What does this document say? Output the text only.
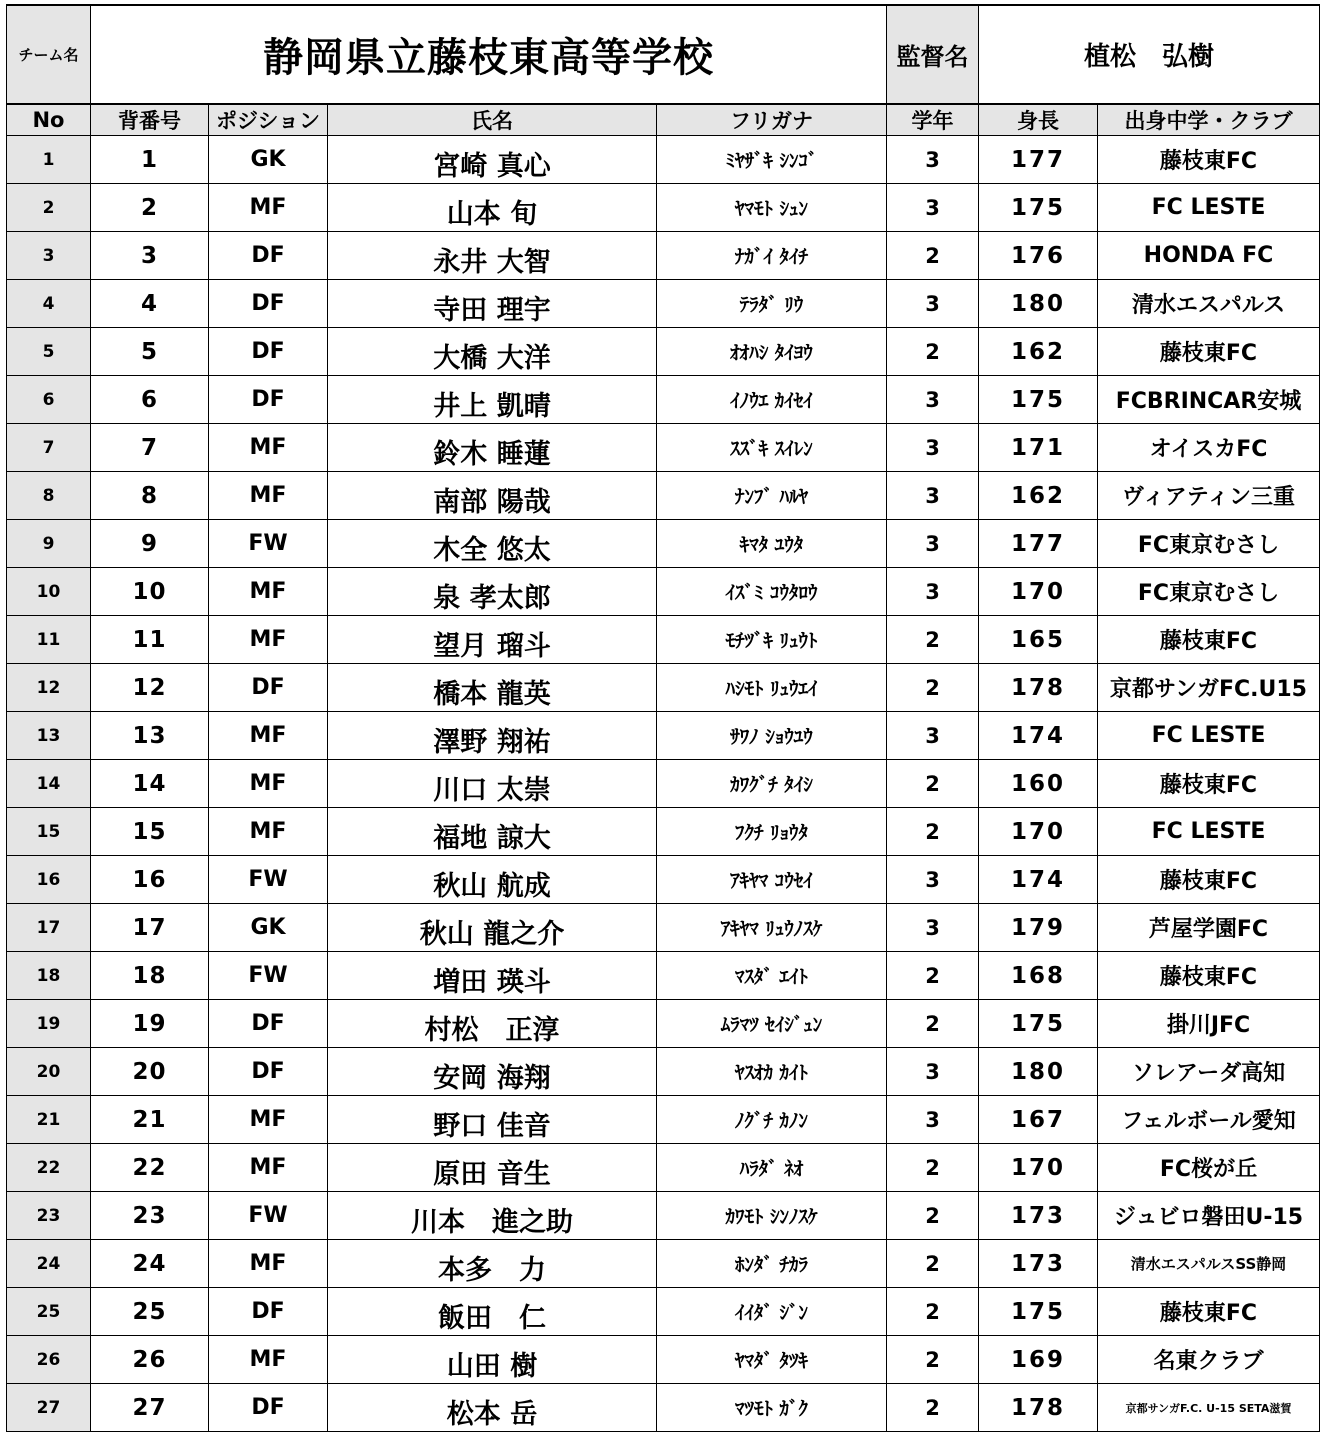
チーム名	静岡県立藤枝東高等学校				監督名	植松　弘樹	
No	背番号	ポジション	氏名	フリガナ	学年	身長	出身中学・クラブ
1	1	GK	宮崎 真心	ﾐﾔｻﾞｷ ｼﾝｺﾞ	3	177	藤枝東FC
2	2	MF	山本 旬	ﾔﾏﾓﾄ ｼｭﾝ	3	175	FC LESTE
3	3	DF	永井 大智	ﾅｶﾞｲ ﾀｲﾁ	2	176	HONDA FC
4	4	DF	寺田 理宇	ﾃﾗﾀﾞ ﾘｳ	3	180	清水エスパルス
5	5	DF	大橋 大洋	ｵｵﾊｼ ﾀｲﾖｳ	2	162	藤枝東FC
6	6	DF	井上 凱晴	ｲﾉｳｴ ｶｲｾｲ	3	175	FCBRINCAR安城
7	7	MF	鈴木 睡蓮	ｽｽﾞｷ ｽｲﾚﾝ	3	171	オイスカFC
8	8	MF	南部 陽哉	ﾅﾝﾌﾞ ﾊﾙﾔ	3	162	ヴィアティン三重
9	9	FW	木全 悠太	ｷﾏﾀ ﾕｳﾀ	3	177	FC東京むさし
10	10	MF	泉 孝太郎	ｲｽﾞﾐ ｺｳﾀﾛｳ	3	170	FC東京むさし
11	11	MF	望月 瑠斗	ﾓﾁﾂﾞｷ ﾘｭｳﾄ	2	165	藤枝東FC
12	12	DF	橋本 龍英	ﾊｼﾓﾄ ﾘｭｳｴｲ	2	178	京都サンガFC.U15
13	13	MF	澤野 翔祐	ｻﾜﾉ ｼｮｳﾕｳ	3	174	FC LESTE
14	14	MF	川口 太崇	ｶﾜｸﾞﾁ ﾀｲｼ	2	160	藤枝東FC
15	15	MF	福地 諒大	ﾌｸﾁ ﾘｮｳﾀ	2	170	FC LESTE
16	16	FW	秋山 航成	ｱｷﾔﾏ ｺｳｾｲ	3	174	藤枝東FC
17	17	GK	秋山 龍之介	ｱｷﾔﾏ ﾘｭｳﾉｽｹ	3	179	芦屋学園FC
18	18	FW	増田 瑛斗	ﾏｽﾀﾞ ｴｲﾄ	2	168	藤枝東FC
19	19	DF	村松　正淳	ﾑﾗﾏﾂ ｾｲｼﾞｭﾝ	2	175	掛川JFC
20	20	DF	安岡 海翔	ﾔｽｵｶ ｶｲﾄ	3	180	ソレアーダ高知
21	21	MF	野口 佳音	ﾉｸﾞﾁ ｶﾉﾝ	3	167	フェルボール愛知
22	22	MF	原田 音生	ﾊﾗﾀﾞ ﾈｵ	2	170	FC桜が丘
23	23	FW	川本　進之助	ｶﾜﾓﾄ ｼﾝﾉｽｹ	2	173	ジュビロ磐田U-15
24	24	MF	本多　力	ﾎﾝﾀﾞ ﾁｶﾗ	2	173	清水エスパルスSS静岡
25	25	DF	飯田　仁	ｲｲﾀﾞ ｼﾞﾝ	2	175	藤枝東FC
26	26	MF	山田 樹	ﾔﾏﾀﾞ ﾀﾂｷ	2	169	名東クラブ
27	27	DF	松本 岳	ﾏﾂﾓﾄ ｶﾞｸ	2	178	京都サンガF.C. U-15 SETA滋賀
